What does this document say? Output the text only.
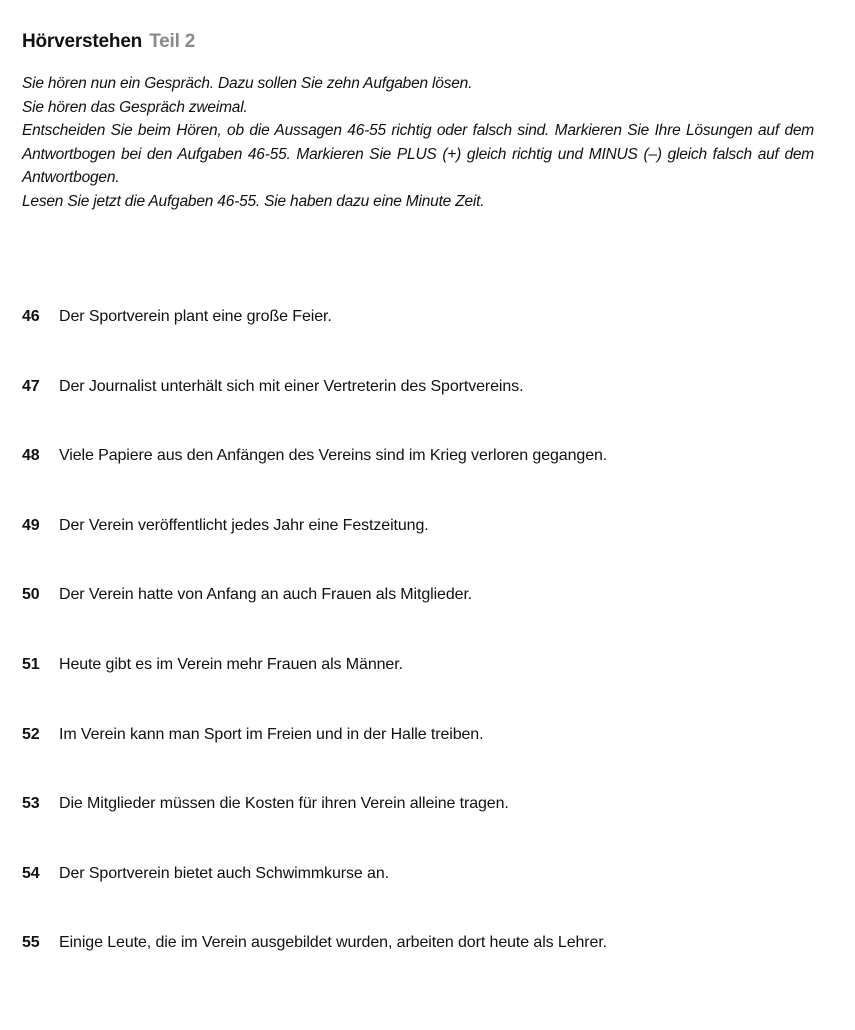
Hörverstehen Teil 2
Sie hören nun ein Gespräch. Dazu sollen Sie zehn Aufgaben lösen.
Sie hören das Gespräch zweimal.
Entscheiden Sie beim Hören, ob die Aussagen 46-55 richtig oder falsch sind. Markieren Sie Ihre Lösungen auf dem Antwortbogen bei den Aufgaben 46-55. Markieren Sie PLUS (+) gleich richtig und MINUS (–) gleich falsch auf dem Antwortbogen.
Lesen Sie jetzt die Aufgaben 46-55. Sie haben dazu eine Minute Zeit.
46	Der Sportverein plant eine große Feier.
47	Der Journalist unterhält sich mit einer Vertreterin des Sportvereins.
48	Viele Papiere aus den Anfängen des Vereins sind im Krieg verloren gegangen.
49	Der Verein veröffentlicht jedes Jahr eine Festzeitung.
50	Der Verein hatte von Anfang an auch Frauen als Mitglieder.
51	Heute gibt es im Verein mehr Frauen als Männer.
52	Im Verein kann man Sport im Freien und in der Halle treiben.
53	Die Mitglieder müssen die Kosten für ihren Verein alleine tragen.
54	Der Sportverein bietet auch Schwimmkurse an.
55	Einige Leute, die im Verein ausgebildet wurden, arbeiten dort heute als Lehrer.
